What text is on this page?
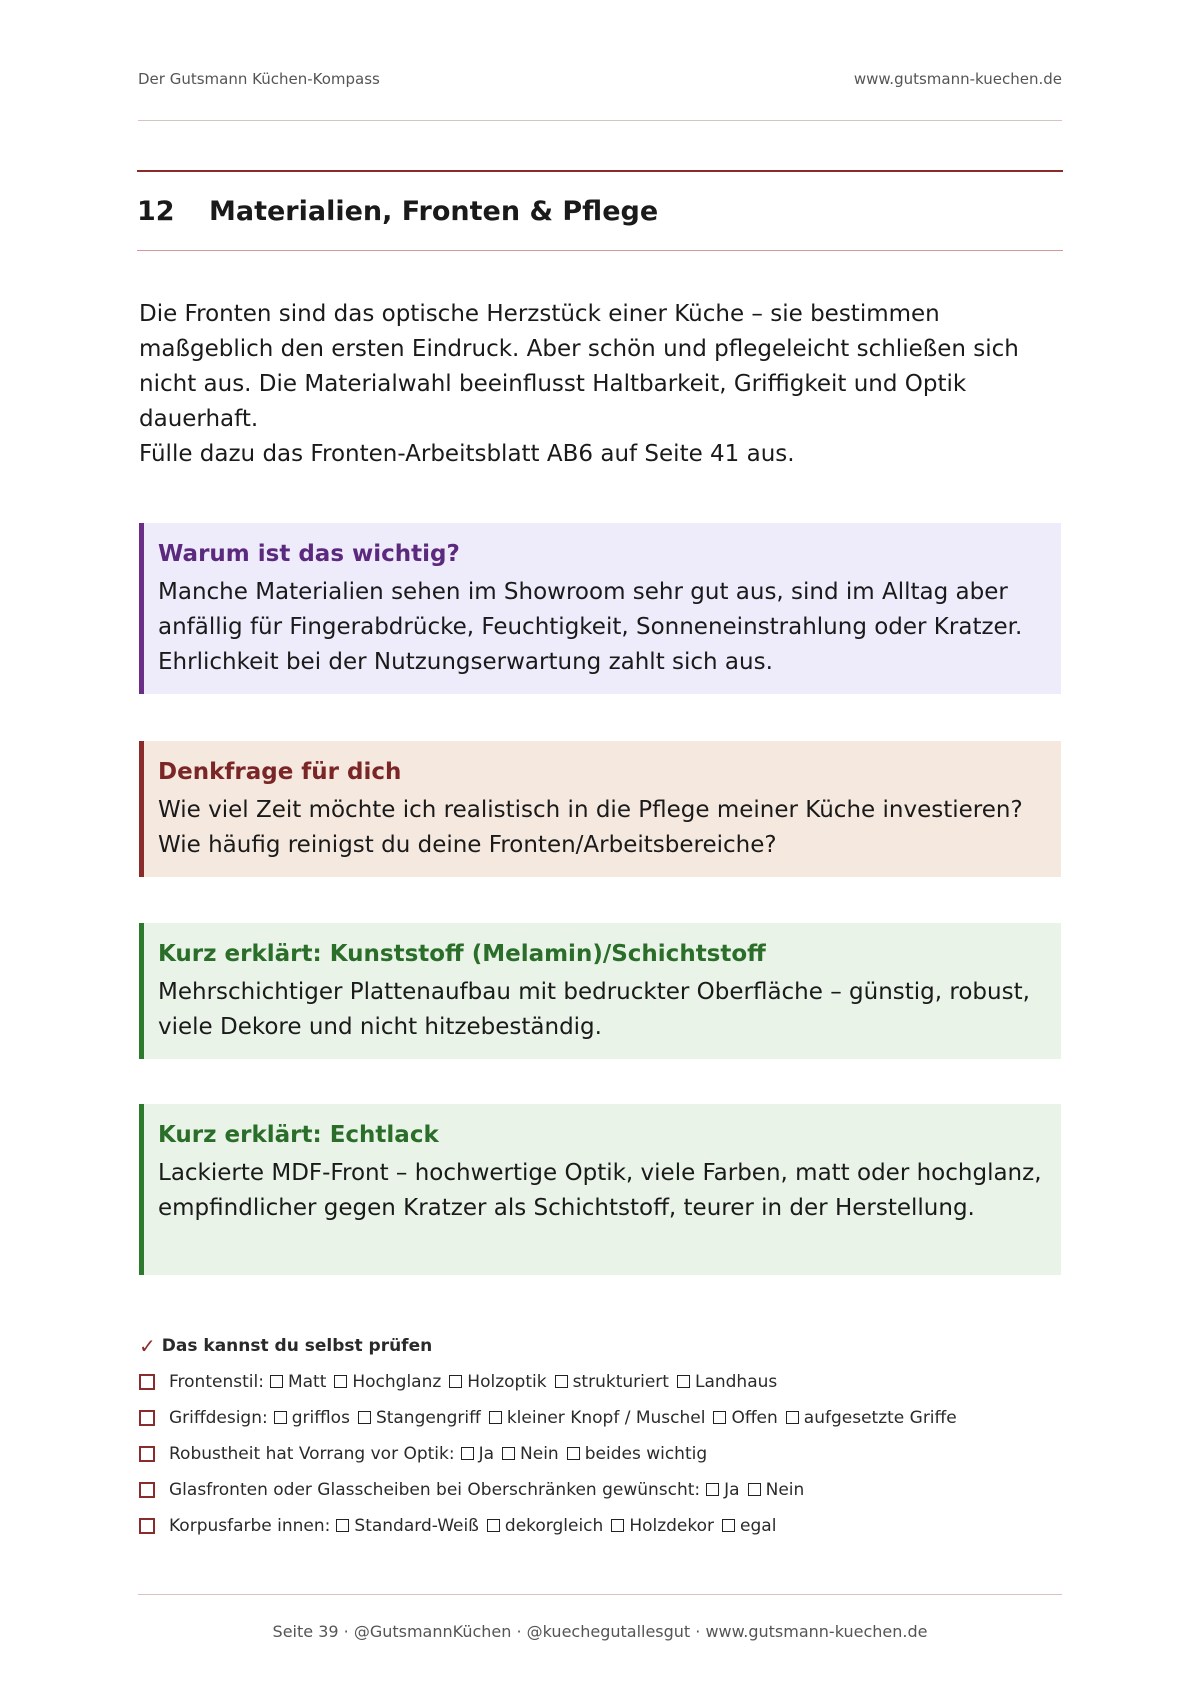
Der Gutsmann Küchen-Kompass	www.gutsmann-kuechen.de
12	Materialien, Fronten & Pflege

Die Fronten sind das optische Herzstück einer Küche – sie bestimmen maßgeblich den ersten Eindruck. Aber schön und pflegeleicht schließen sich nicht aus. Die Materialwahl beeinflusst Haltbarkeit, Griffigkeit und Optik dauerhaft.

Fülle dazu das Fronten-Arbeitsblatt AB6 auf Seite 41 aus.

Warum ist das wichtig?

Manche Materialien sehen im Showroom sehr gut aus, sind im Alltag aber anfällig für Fingerabdrücke, Feuchtigkeit, Sonneneinstrahlung oder Kratzer. Ehrlichkeit bei der Nutzungserwartung zahlt sich aus.

Denkfrage für dich

Wie viel Zeit möchte ich realistisch in die Pflege meiner Küche investieren?

Wie häufig reinigst du deine Fronten/Arbeitsbereiche?

Kurz erklärt: Kunststoff (Melamin)/Schichtstoff

Mehrschichtiger Plattenaufbau mit bedruckter Oberfläche – günstig, robust, viele Dekore und nicht hitzebeständig.

Kurz erklärt: Echtlack

Lackierte MDF-Front – hochwertige Optik, viele Farben, matt oder hochglanz, empfindlicher gegen Kratzer als Schichtstoff, teurer in der Herstellung.

✓ Das kannst du selbst prüfen
Frontenstil:	Matt	Hochglanz	Holzoptik	strukturiert	Landhaus
Griffdesign:	grifflos	Stangengriff	kleiner Knopf / Muschel	Offen	aufgesetzte Griffe
Robustheit hat Vorrang vor Optik:	Ja	Nein	beides wichtig
Glasfronten oder Glasscheiben bei Oberschränken gewünscht:	Ja	Nein
Korpusfarbe innen:	Standard-Weiß	dekorgleich	Holzdekor	egal
Seite 39 · @GutsmannKüchen · @kuechegutallesgut · www.gutsmann-kuechen.de
